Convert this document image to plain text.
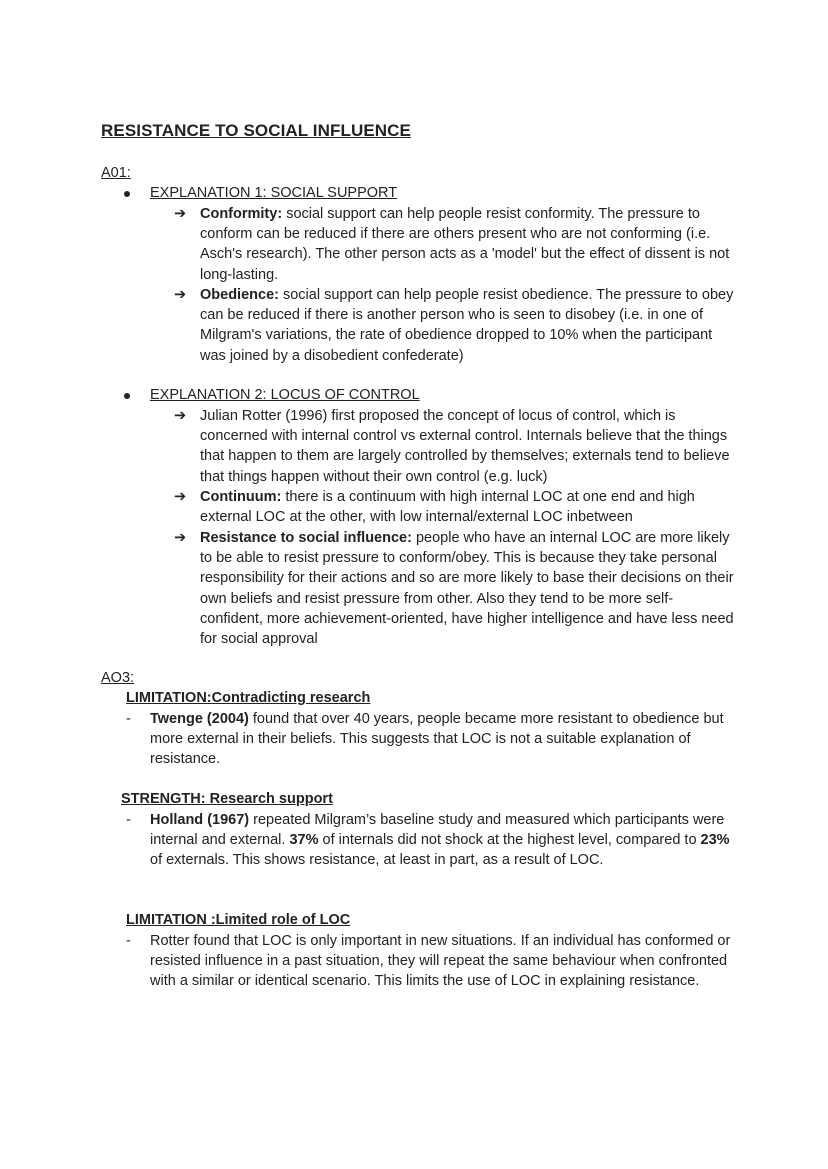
RESISTANCE TO SOCIAL INFLUENCE
A01:
EXPLANATION 1: SOCIAL SUPPORT
➔ Conformity: social support can help people resist conformity. The pressure to conform can be reduced if there are others present who are not conforming (i.e. Asch's research). The other person acts as a 'model' but the effect of dissent is not long-lasting.
➔ Obedience: social support can help people resist obedience. The pressure to obey can be reduced if there is another person who is seen to disobey (i.e. in one of Milgram's variations, the rate of obedience dropped to 10% when the participant was joined by a disobedient confederate)
EXPLANATION 2: LOCUS OF CONTROL
➔ Julian Rotter (1996) first proposed the concept of locus of control, which is concerned with internal control vs external control. Internals believe that the things that happen to them are largely controlled by themselves; externals tend to believe that things happen without their own control (e.g. luck)
➔ Continuum: there is a continuum with high internal LOC at one end and high external LOC at the other, with low internal/external LOC inbetween
➔ Resistance to social influence: people who have an internal LOC are more likely to be able to resist pressure to conform/obey. This is because they take personal responsibility for their actions and so are more likely to base their decisions on their own beliefs and resist pressure from other. Also they tend to be more self-confident, more achievement-oriented, have higher intelligence and have less need for social approval
AO3:
LIMITATION:Contradicting research
- Twenge (2004) found that over 40 years, people became more resistant to obedience but more external in their beliefs. This suggests that LOC is not a suitable explanation of resistance.
STRENGTH: Research support
- Holland (1967) repeated Milgram’s baseline study and measured which participants were internal and external. 37% of internals did not shock at the highest level, compared to 23% of externals. This shows resistance, at least in part, as a result of LOC.
LIMITATION :Limited role of LOC
- Rotter found that LOC is only important in new situations. If an individual has conformed or resisted influence in a past situation, they will repeat the same behaviour when confronted with a similar or identical scenario. This limits the use of LOC in explaining resistance.
